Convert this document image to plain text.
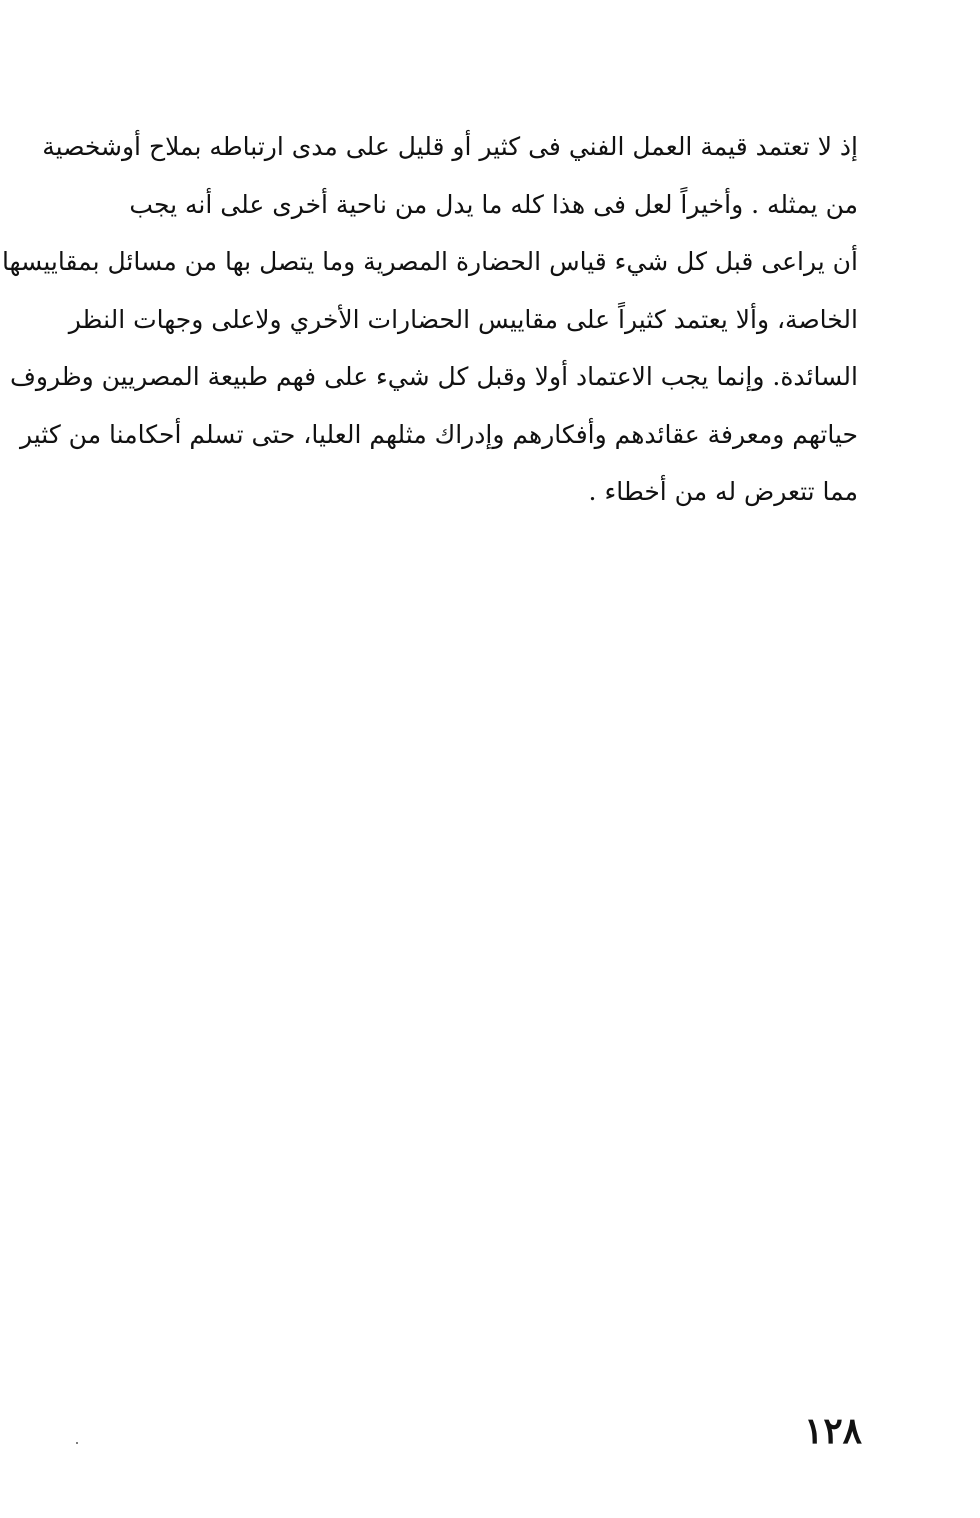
إذ لا تعتمد قيمة العمل الفني فى كثير أو قليل على مدى ارتباطه بملاح أوشخصية
من يمثله . وأخيراً لعل فى هذا كله ما يدل من ناحية أخرى على أنه يجب
أن يراعى قبل كل شيء قياس الحضارة المصرية وما يتصل بها من مسائل بمقاييسها
الخاصة، وألا يعتمد كثيراً على مقاييس الحضارات الأخري ولاعلى وجهات النظر
السائدة. وإنما يجب الاعتماد أولا وقبل كل شيء على فهم طبيعة المصريين وظروف
حياتهم ومعرفة عقائدهم وأفكارهم وإدراك مثلهم العليا، حتى تسلم أحكامنا من كثير
مما تتعرض له من أخطاء .
١٢٨
